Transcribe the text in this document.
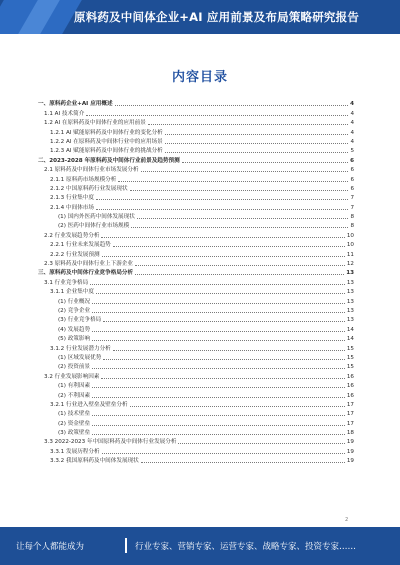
原料药及中间体企业+AI 应用前景及布局策略研究报告
内容目录
一、原料药企业+AI 应用概述	4
1.1 AI 技术简介	4
1.2 AI 在原料药及中间体行业的应用前景	4
1.2.1 AI 赋能原料药及中间体行业的变化分析	4
1.2.2 AI 在原料药及中间体行业中的应用场景	4
1.2.3 AI 赋能原料药及中间体行业的挑战分析	5
二、2023-2028 年原料药及中间体行业前景及趋势预测	6
2.1 原料药及中间体行业市场发展分析	6
2.1.1 原料药市场规模分析	6
2.1.2 中国原料药行业发展现状	6
2.1.3 行业集中度	7
2.1.4 中间体市场	7
(1) 国内外医药中间体发展现状	8
(2) 医药中间体行业市场规模	8
2.2 行业发展趋势分析	10
2.2.1 行业未来发展趋势	10
2.2.2 行业发展预测	11
2.3 原料药及中间体行业上下游企业	12
三、原料药及中间体行业竞争格局分析	13
3.1 行业竞争格局	13
3.1.1 企业集中度	13
(1) 行业概况	13
(2) 竞争企业	13
(3) 行业竞争格局	13
(4) 发展趋势	14
(5) 政策影响	14
3.1.2 行业发展潜力分析	15
(1) 区域发展优势	15
(2) 投资前景	15
3.2 行业发展影响因素	16
(1) 有利因素	16
(2) 不利因素	16
3.2.1 行业进入壁垒及壁垒分析	17
(1) 技术壁垒	17
(2) 资金壁垒	17
(3) 政策壁垒	18
3.3 2022-2023 年中国原料药及中间体行业发展分析	19
3.3.1 发展历程分析	19
3.3.2 我国原料药及中间体发展现状	19
2
让每个人都能成为	行业专家、营销专家、运营专家、战略专家、投资专家……
